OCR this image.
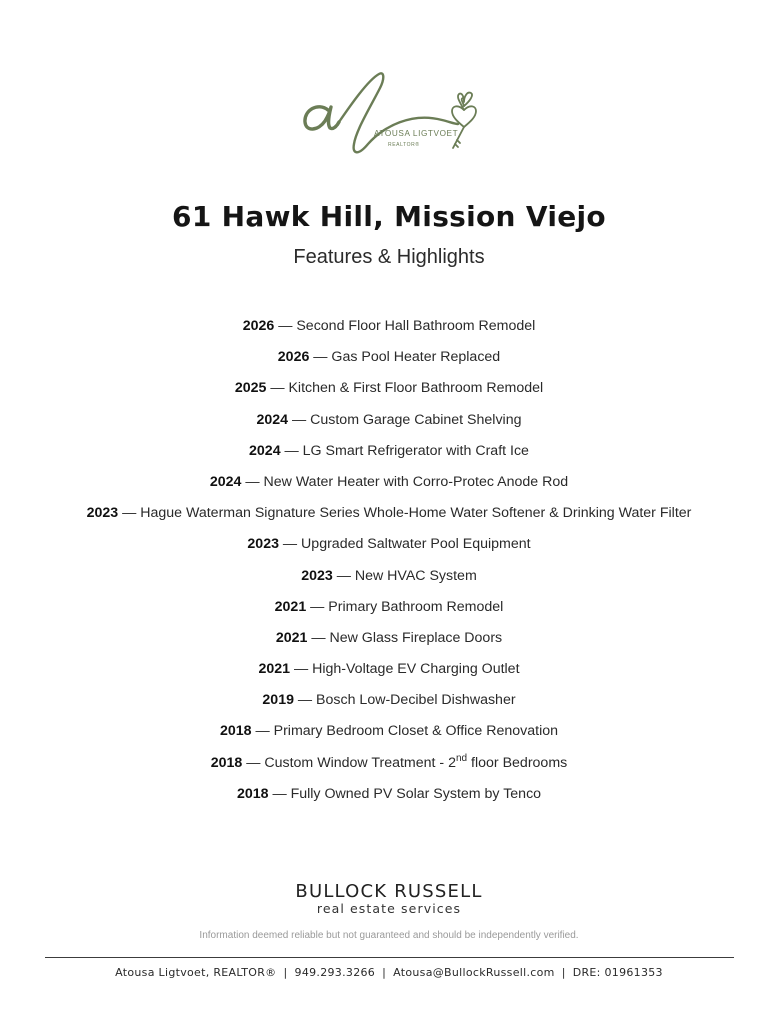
ATOUSA LIGTVOET
REALTOR®
61 Hawk Hill, Mission Viejo

Features & Highlights

2026 — Second Floor Hall Bathroom Remodel
2026 — Gas Pool Heater Replaced
2025 — Kitchen & First Floor Bathroom Remodel
2024 — Custom Garage Cabinet Shelving
2024 — LG Smart Refrigerator with Craft Ice
2024 — New Water Heater with Corro-Protec Anode Rod
2023 — Hague Waterman Signature Series Whole-Home Water Softener & Drinking Water Filter
2023 — Upgraded Saltwater Pool Equipment
2023 — New HVAC System
2021 — Primary Bathroom Remodel
2021 — New Glass Fireplace Doors
2021 — High-Voltage EV Charging Outlet
2019 — Bosch Low-Decibel Dishwasher
2018 — Primary Bedroom Closet & Office Renovation
2018 — Custom Window Treatment - 2nd floor Bedrooms
2018 — Fully Owned PV Solar System by Tenco
BULLOCK RUSSELL
real estate services
Information deemed reliable but not guaranteed and should be independently verified.
Atousa Ligtvoet, REALTOR® | 949.293.3266 | Atousa@BullockRussell.com | DRE: 01961353
